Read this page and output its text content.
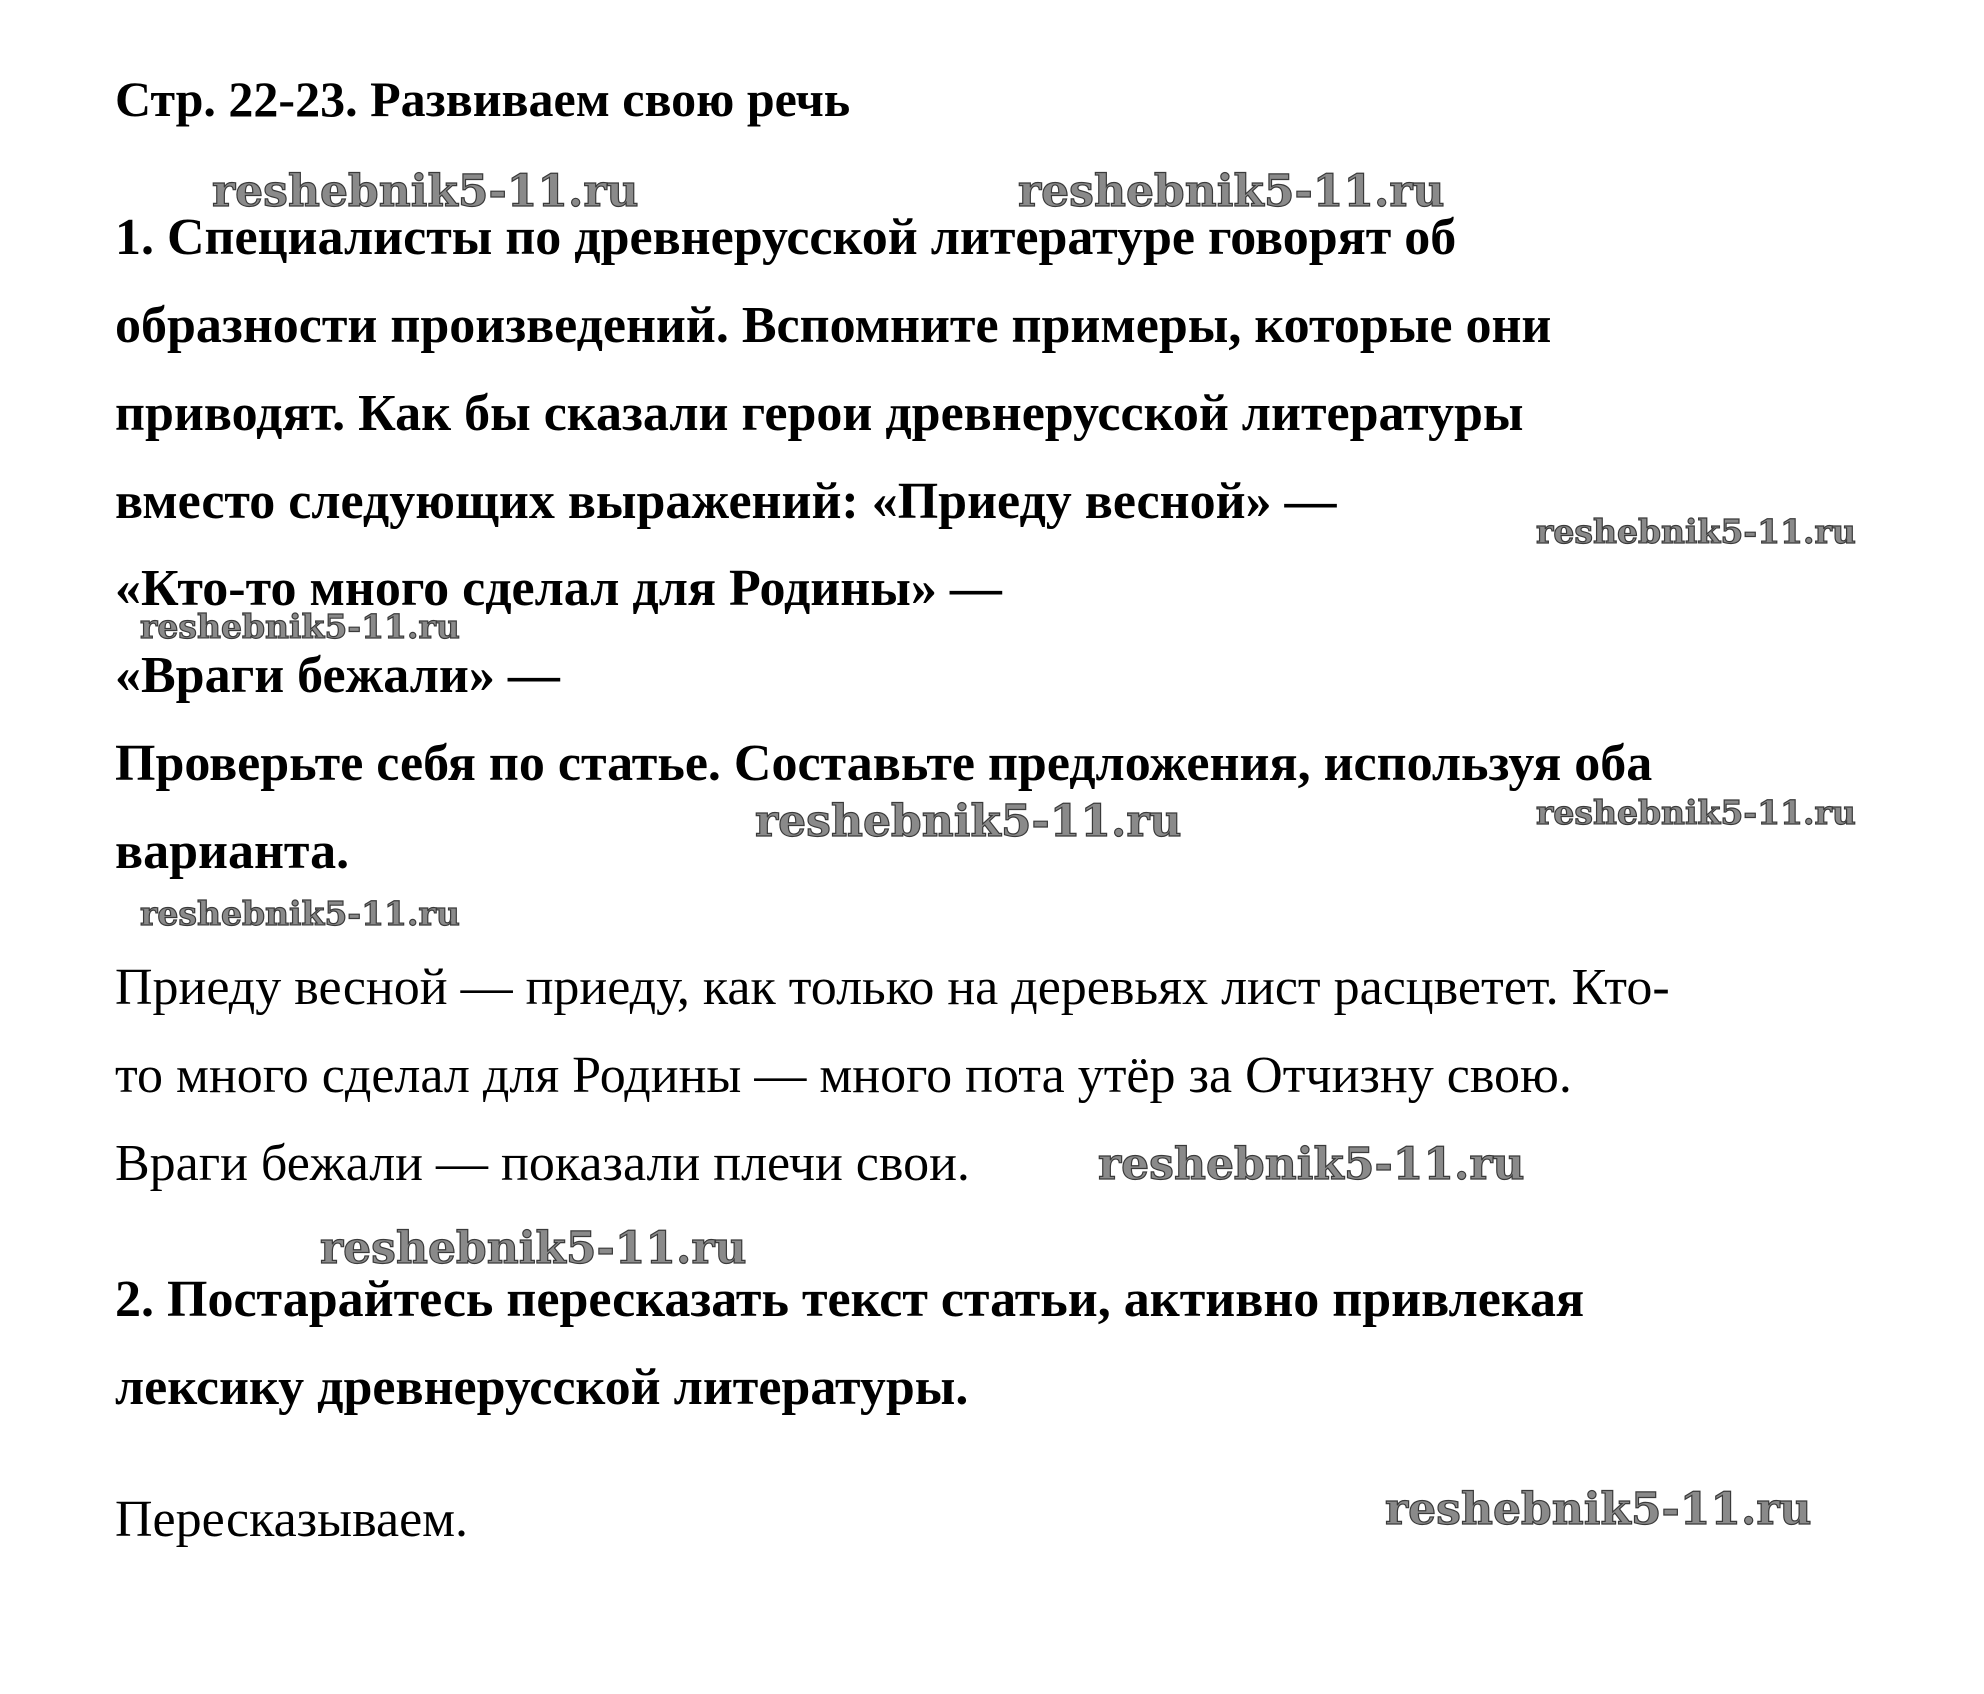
Стр. 22-23. Развиваем свою речь
1. Специалисты по древнерусской литературе говорят об
образности произведений. Вспомните примеры, которые они
приводят. Как бы сказали герои древнерусской литературы
вместо следующих выражений: «Приеду весной» —
«Кто-то много сделал для Родины» —
«Враги бежали» —
Проверьте себя по статье. Составьте предложения, используя оба
варианта.
Приеду весной — приеду, как только на деревьях лист расцветет. Кто-
то много сделал для Родины — много пота утёр за Отчизну свою.
Враги бежали — показали плечи свои.
2. Постарайтесь пересказать текст статьи, активно привлекая
лексику древнерусской литературы.
Пересказываем.
reshebnik5-11.ru	reshebnik5-11.ru
reshebnik5-11.ru
reshebnik5-11.ru
reshebnik5-11.ru	reshebnik5-11.ru
reshebnik5-11.ru
reshebnik5-11.ru
reshebnik5-11.ru
reshebnik5-11.ru
